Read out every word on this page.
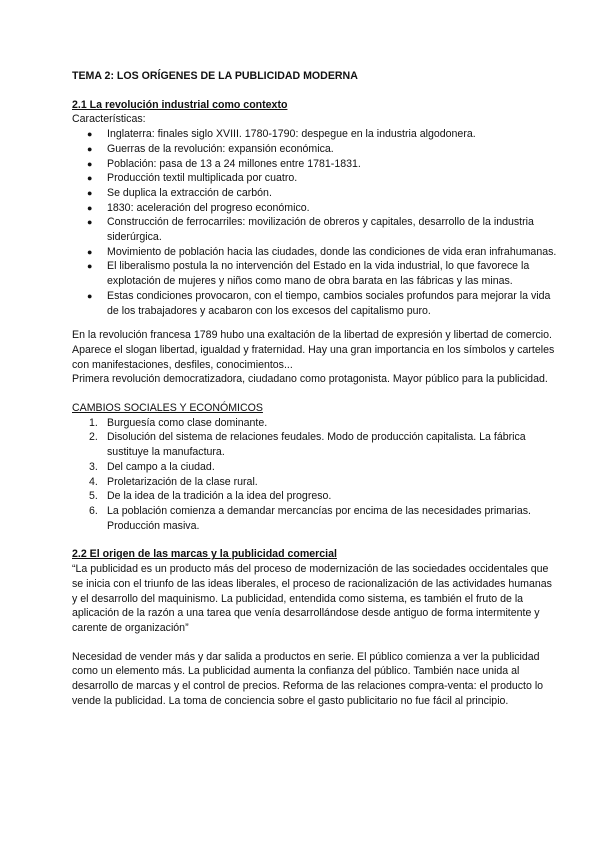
TEMA 2: LOS ORÍGENES DE LA PUBLICIDAD MODERNA

2.1 La revolución industrial como contexto

Características:

● Inglaterra: finales siglo XVIII. 1780-1790: despegue en la industria algodonera.
● Guerras de la revolución: expansión económica.
● Población: pasa de 13 a 24 millones entre 1781-1831.
● Producción textil multiplicada por cuatro.
● Se duplica la extracción de carbón.
● 1830: aceleración del progreso económico.
● Construcción de ferrocarriles: movilización de obreros y capitales, desarrollo de la industria siderúrgica.
● Movimiento de población hacia las ciudades, donde las condiciones de vida eran infrahumanas.
● El liberalismo postula la no intervención del Estado en la vida industrial, lo que favorece la explotación de mujeres y niños como mano de obra barata en las fábricas y las minas.
● Estas condiciones provocaron, con el tiempo, cambios sociales profundos para mejorar la vida de los trabajadores y acabaron con los excesos del capitalismo puro.

En la revolución francesa 1789 hubo una exaltación de la libertad de expresión y libertad de comercio. Aparece el slogan libertad, igualdad y fraternidad. Hay una gran importancia en los símbolos y carteles con manifestaciones, desfiles, conocimientos...

Primera revolución democratizadora, ciudadano como protagonista. Mayor público para la publicidad.

CAMBIOS SOCIALES Y ECONÓMICOS

1. Burguesía como clase dominante.
2. Disolución del sistema de relaciones feudales. Modo de producción capitalista. La fábrica sustituye la manufactura.
3. Del campo a la ciudad.
4. Proletarización de la clase rural.
5. De la idea de la tradición a la idea del progreso.
6. La población comienza a demandar mercancías por encima de las necesidades primarias. Producción masiva.

2.2 El origen de las marcas y la publicidad comercial

“La publicidad es un producto más del proceso de modernización de las sociedades occidentales que se inicia con el triunfo de las ideas liberales, el proceso de racionalización de las actividades humanas y el desarrollo del maquinismo. La publicidad, entendida como sistema, es también el fruto de la aplicación de la razón a una tarea que venía desarrollándose desde antiguo de forma intermitente y carente de organización”

Necesidad de vender más y dar salida a productos en serie. El público comienza a ver la publicidad como un elemento más. La publicidad aumenta la confianza del público. También nace unida al desarrollo de marcas y el control de precios. Reforma de las relaciones compra-venta: el producto lo vende la publicidad. La toma de conciencia sobre el gasto publicitario no fue fácil al principio.
